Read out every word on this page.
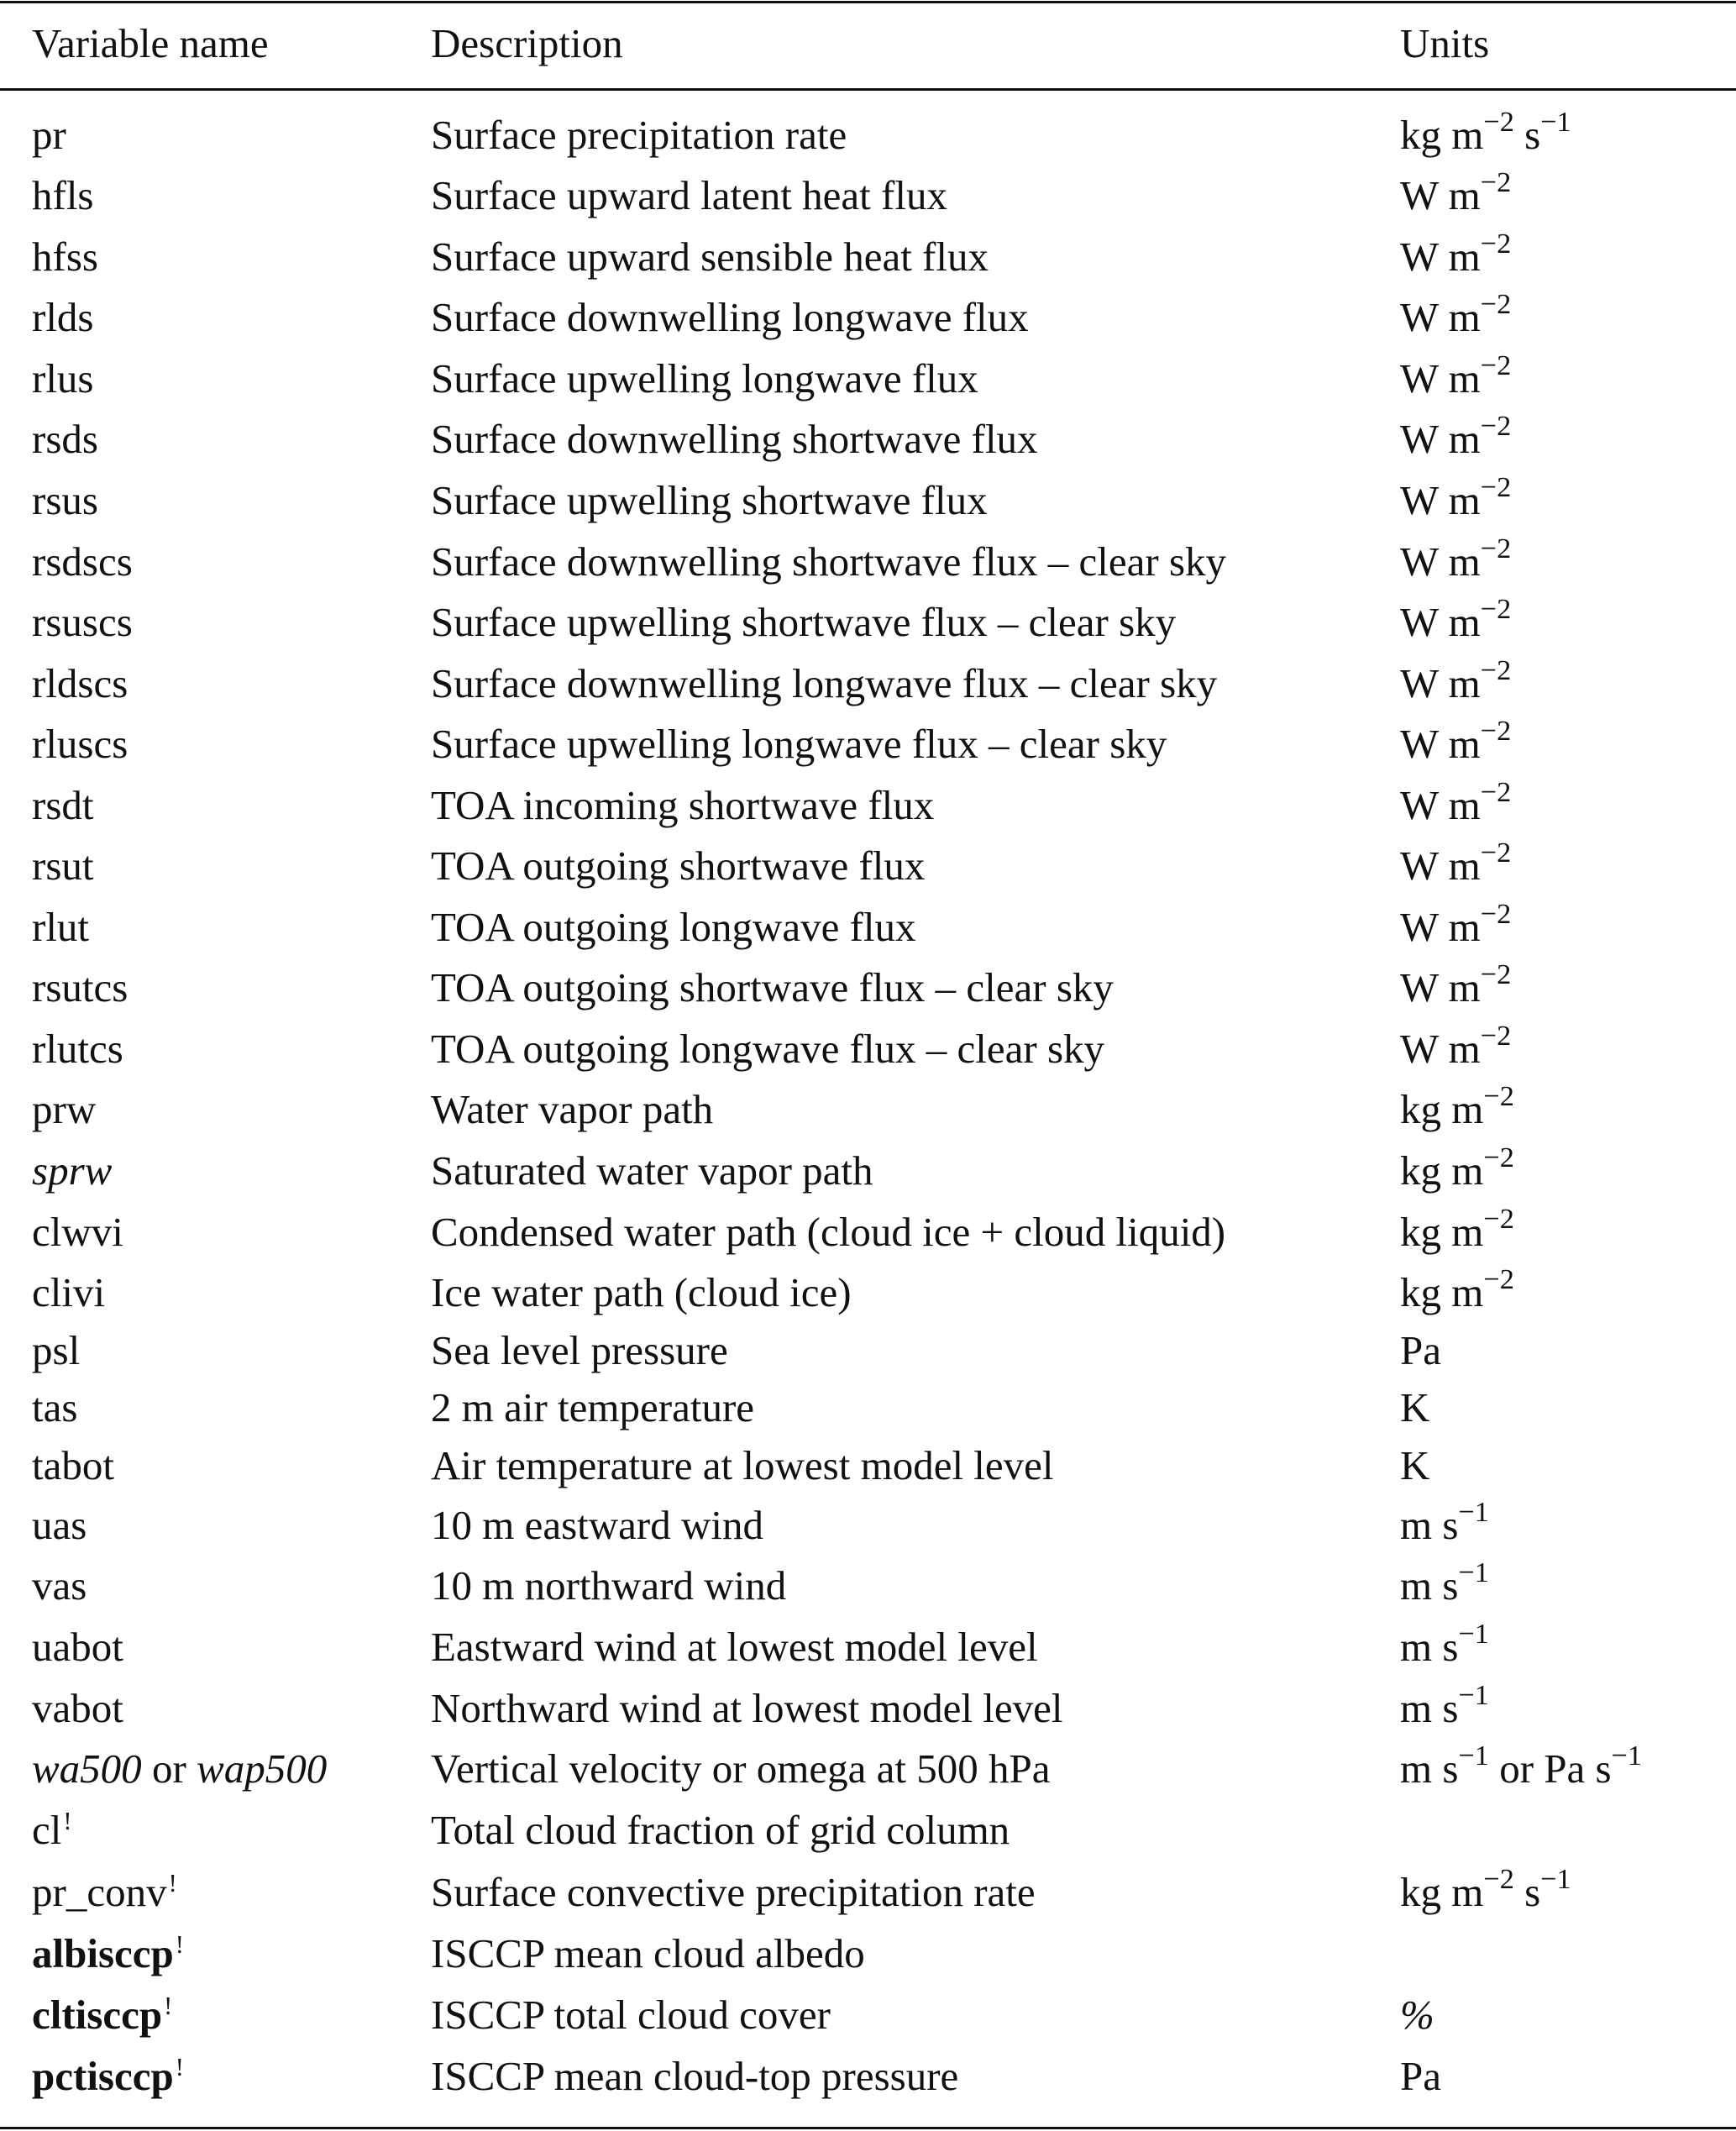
Variable name	Description	Units
pr	Surface precipitation rate	kg $m^{-2}$ $s^{-1}$
hfls	Surface upward latent heat flux	W $m^{-2}$
hfss	Surface upward sensible heat flux	W $m^{-2}$
rlds	Surface downwelling longwave flux	W $m^{-2}$
rlus	Surface upwelling longwave flux	W $m^{-2}$
rsds	Surface downwelling shortwave flux	W $m^{-2}$
rsus	Surface upwelling shortwave flux	W $m^{-2}$
rsdscs	Surface downwelling shortwave flux – clear sky	W $m^{-2}$
rsuscs	Surface upwelling shortwave flux – clear sky	W $m^{-2}$
rldscs	Surface downwelling longwave flux – clear sky	W $m^{-2}$
rluscs	Surface upwelling longwave flux – clear sky	W $m^{-2}$
rsdt	TOA incoming shortwave flux	W $m^{-2}$
rsut	TOA outgoing shortwave flux	W $m^{-2}$
rlut	TOA outgoing longwave flux	W $m^{-2}$
rsutcs	TOA outgoing shortwave flux – clear sky	W $m^{-2}$
rlutcs	TOA outgoing longwave flux – clear sky	W $m^{-2}$
prw	Water vapor path	kg $m^{-2}$
sprw	Saturated water vapor path	kg $m^{-2}$
clwvi	Condensed water path (cloud ice + cloud liquid)	kg $m^{-2}$
clivi	Ice water path (cloud ice)	kg $m^{-2}$
psl	Sea level pressure	Pa
tas	2 m air temperature	K
tabot	Air temperature at lowest model level	K
uas	10 m eastward wind	m $s^{-1}$
vas	10 m northward wind	m $s^{-1}$
uabot	Eastward wind at lowest model level	m $s^{-1}$
vabot	Northward wind at lowest model level	m $s^{-1}$
wa500 or wap500	Vertical velocity or omega at 500 hPa	m $s^{-1}$ or Pa $s^{-1}$
cl!	Total cloud fraction of grid column
pr_conv!	Surface convective precipitation rate	kg $m^{-2}$ $s^{-1}$
albisccp!	ISCCP mean cloud albedo
cltisccp!	ISCCP total cloud cover	%
pctisccp!	ISCCP mean cloud-top pressure	Pa
